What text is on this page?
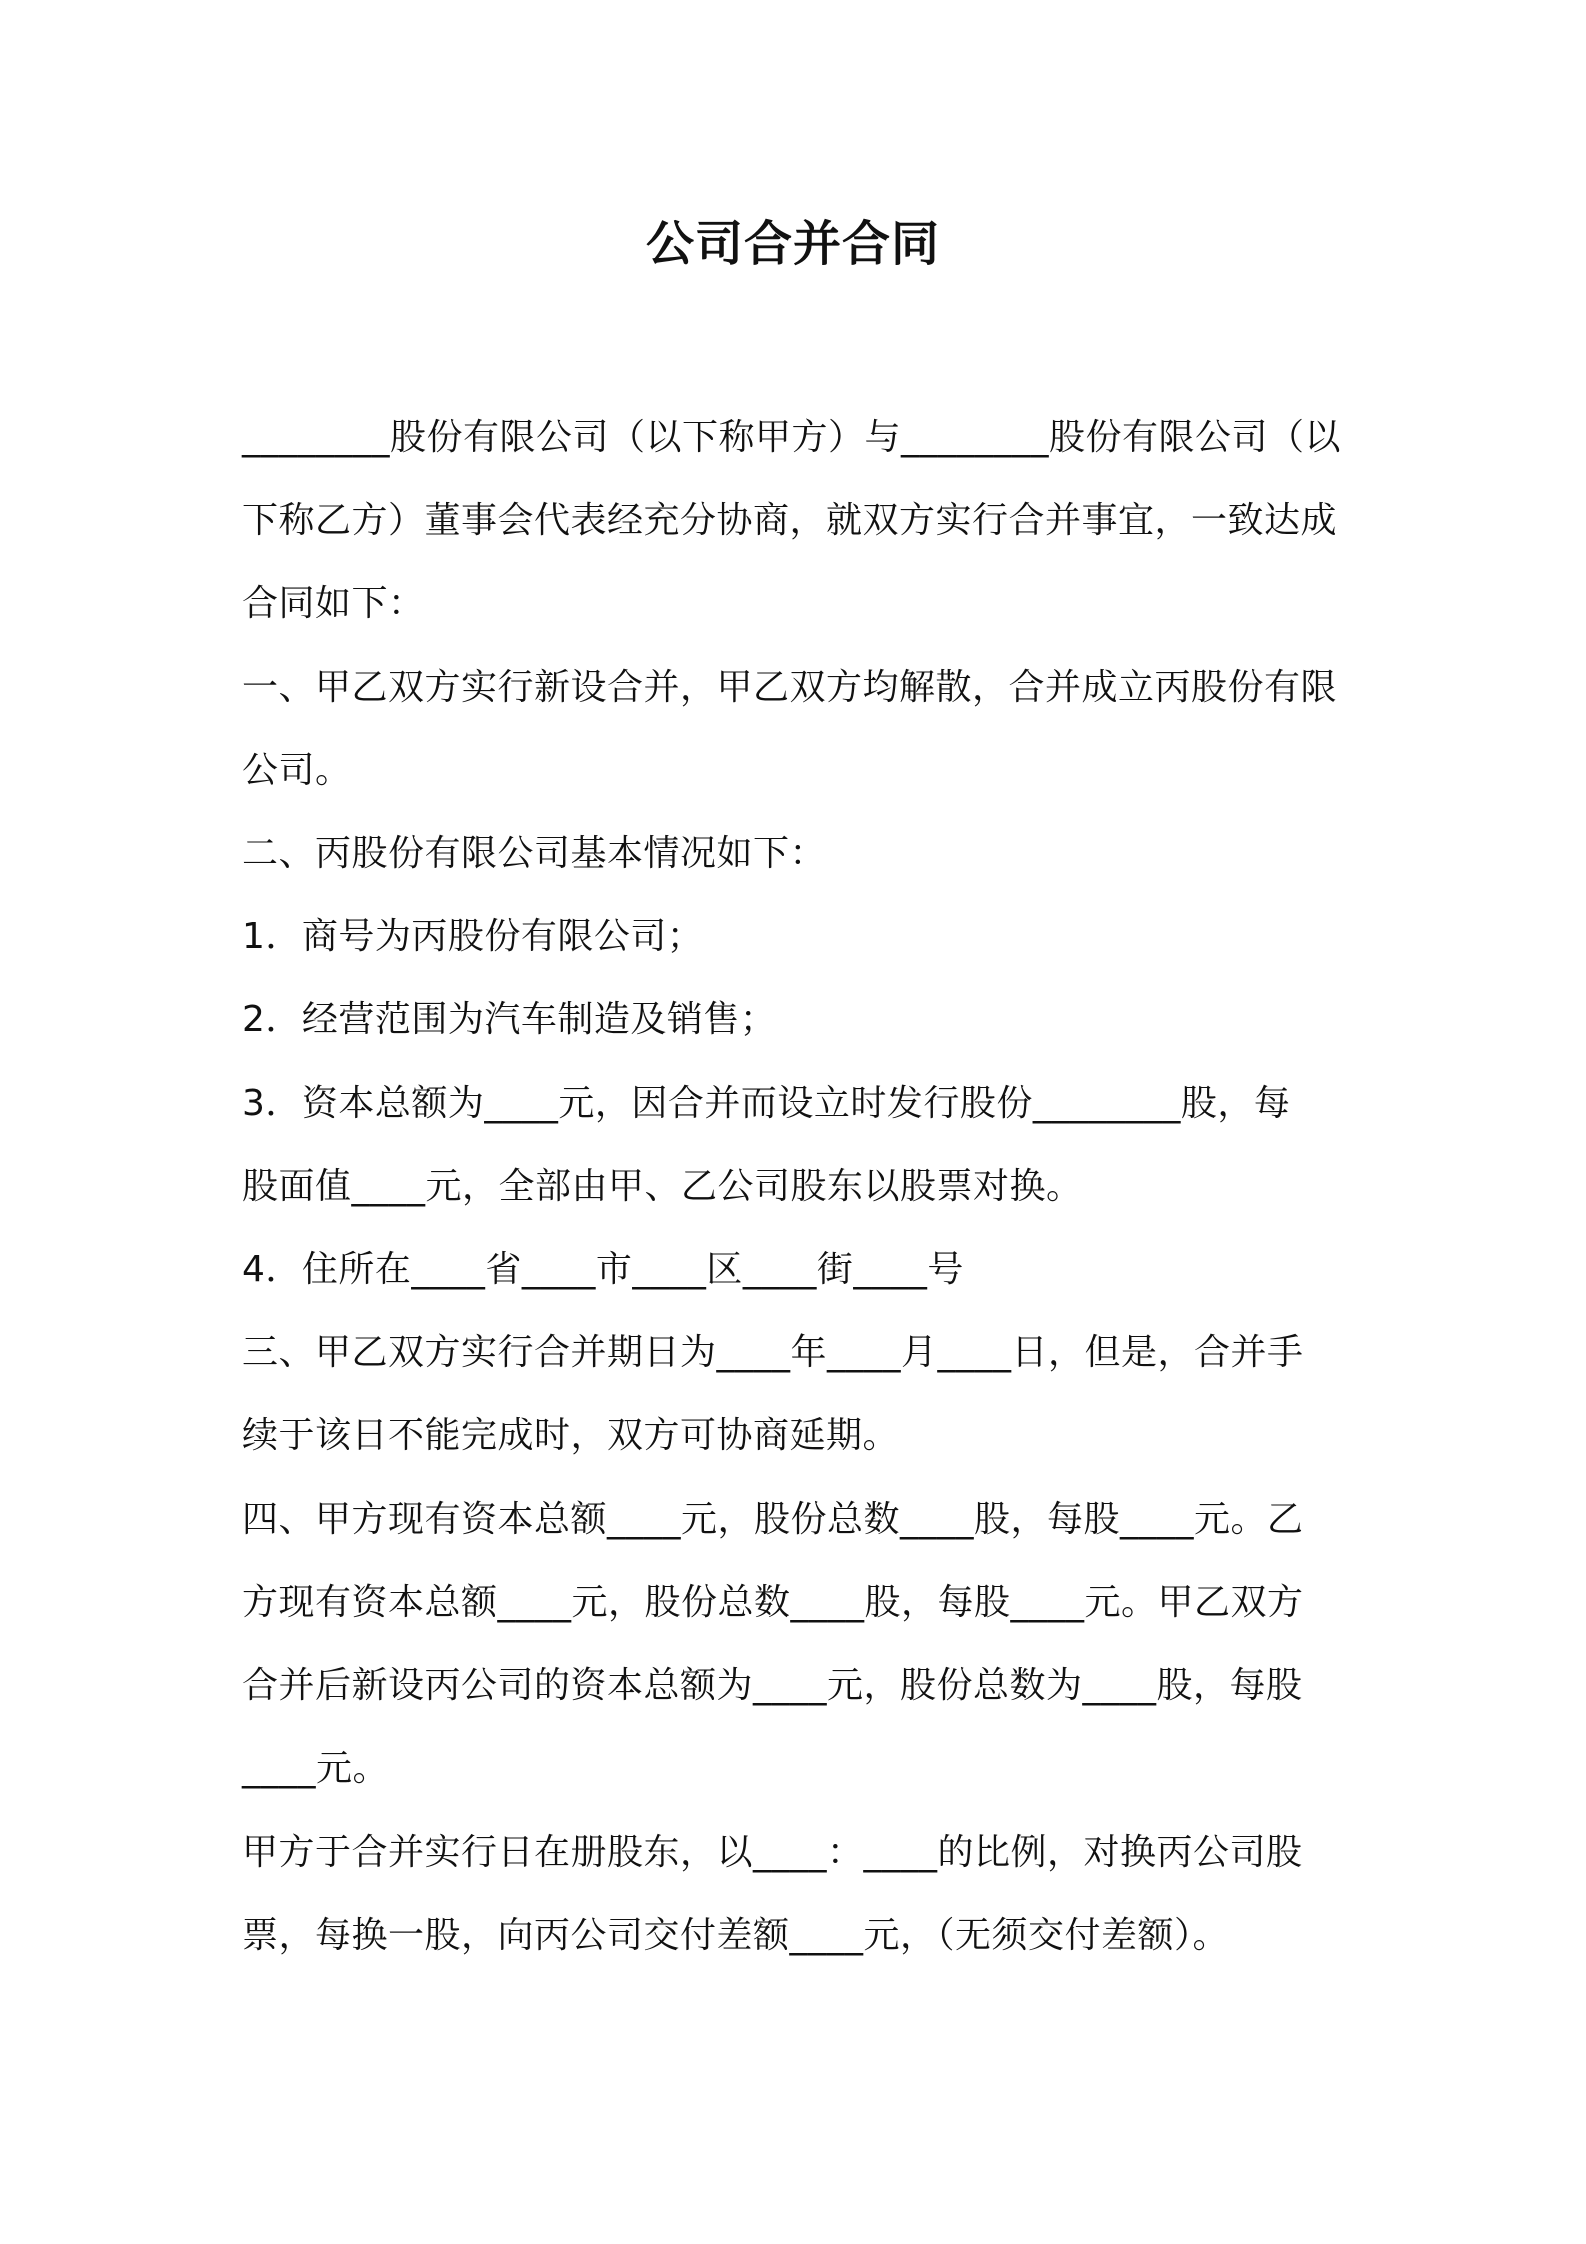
公司合并合同
________股份有限公司（以下称甲方）与________股份有限公司（以
下称乙方）董事会代表经充分协商，就双方实行合并事宜，一致达成
合同如下：
一、甲乙双方实行新设合并，甲乙双方均解散，合并成立丙股份有限
公司。
二、丙股份有限公司基本情况如下：
1．商号为丙股份有限公司；
2．经营范围为汽车制造及销售；
3．资本总额为____元，因合并而设立时发行股份________股，每
股面值____元，全部由甲、乙公司股东以股票对换。
4．住所在____省____市____区____街____号
三、甲乙双方实行合并期日为____年____月____日，但是，合并手
续于该日不能完成时，双方可协商延期。
四、甲方现有资本总额____元，股份总数____股，每股____元。乙
方现有资本总额____元，股份总数____股，每股____元。甲乙双方
合并后新设丙公司的资本总额为____元，股份总数为____股，每股
____元。
甲方于合并实行日在册股东，以____：____的比例，对换丙公司股
票，每换一股，向丙公司交付差额____元，（无须交付差额）。
